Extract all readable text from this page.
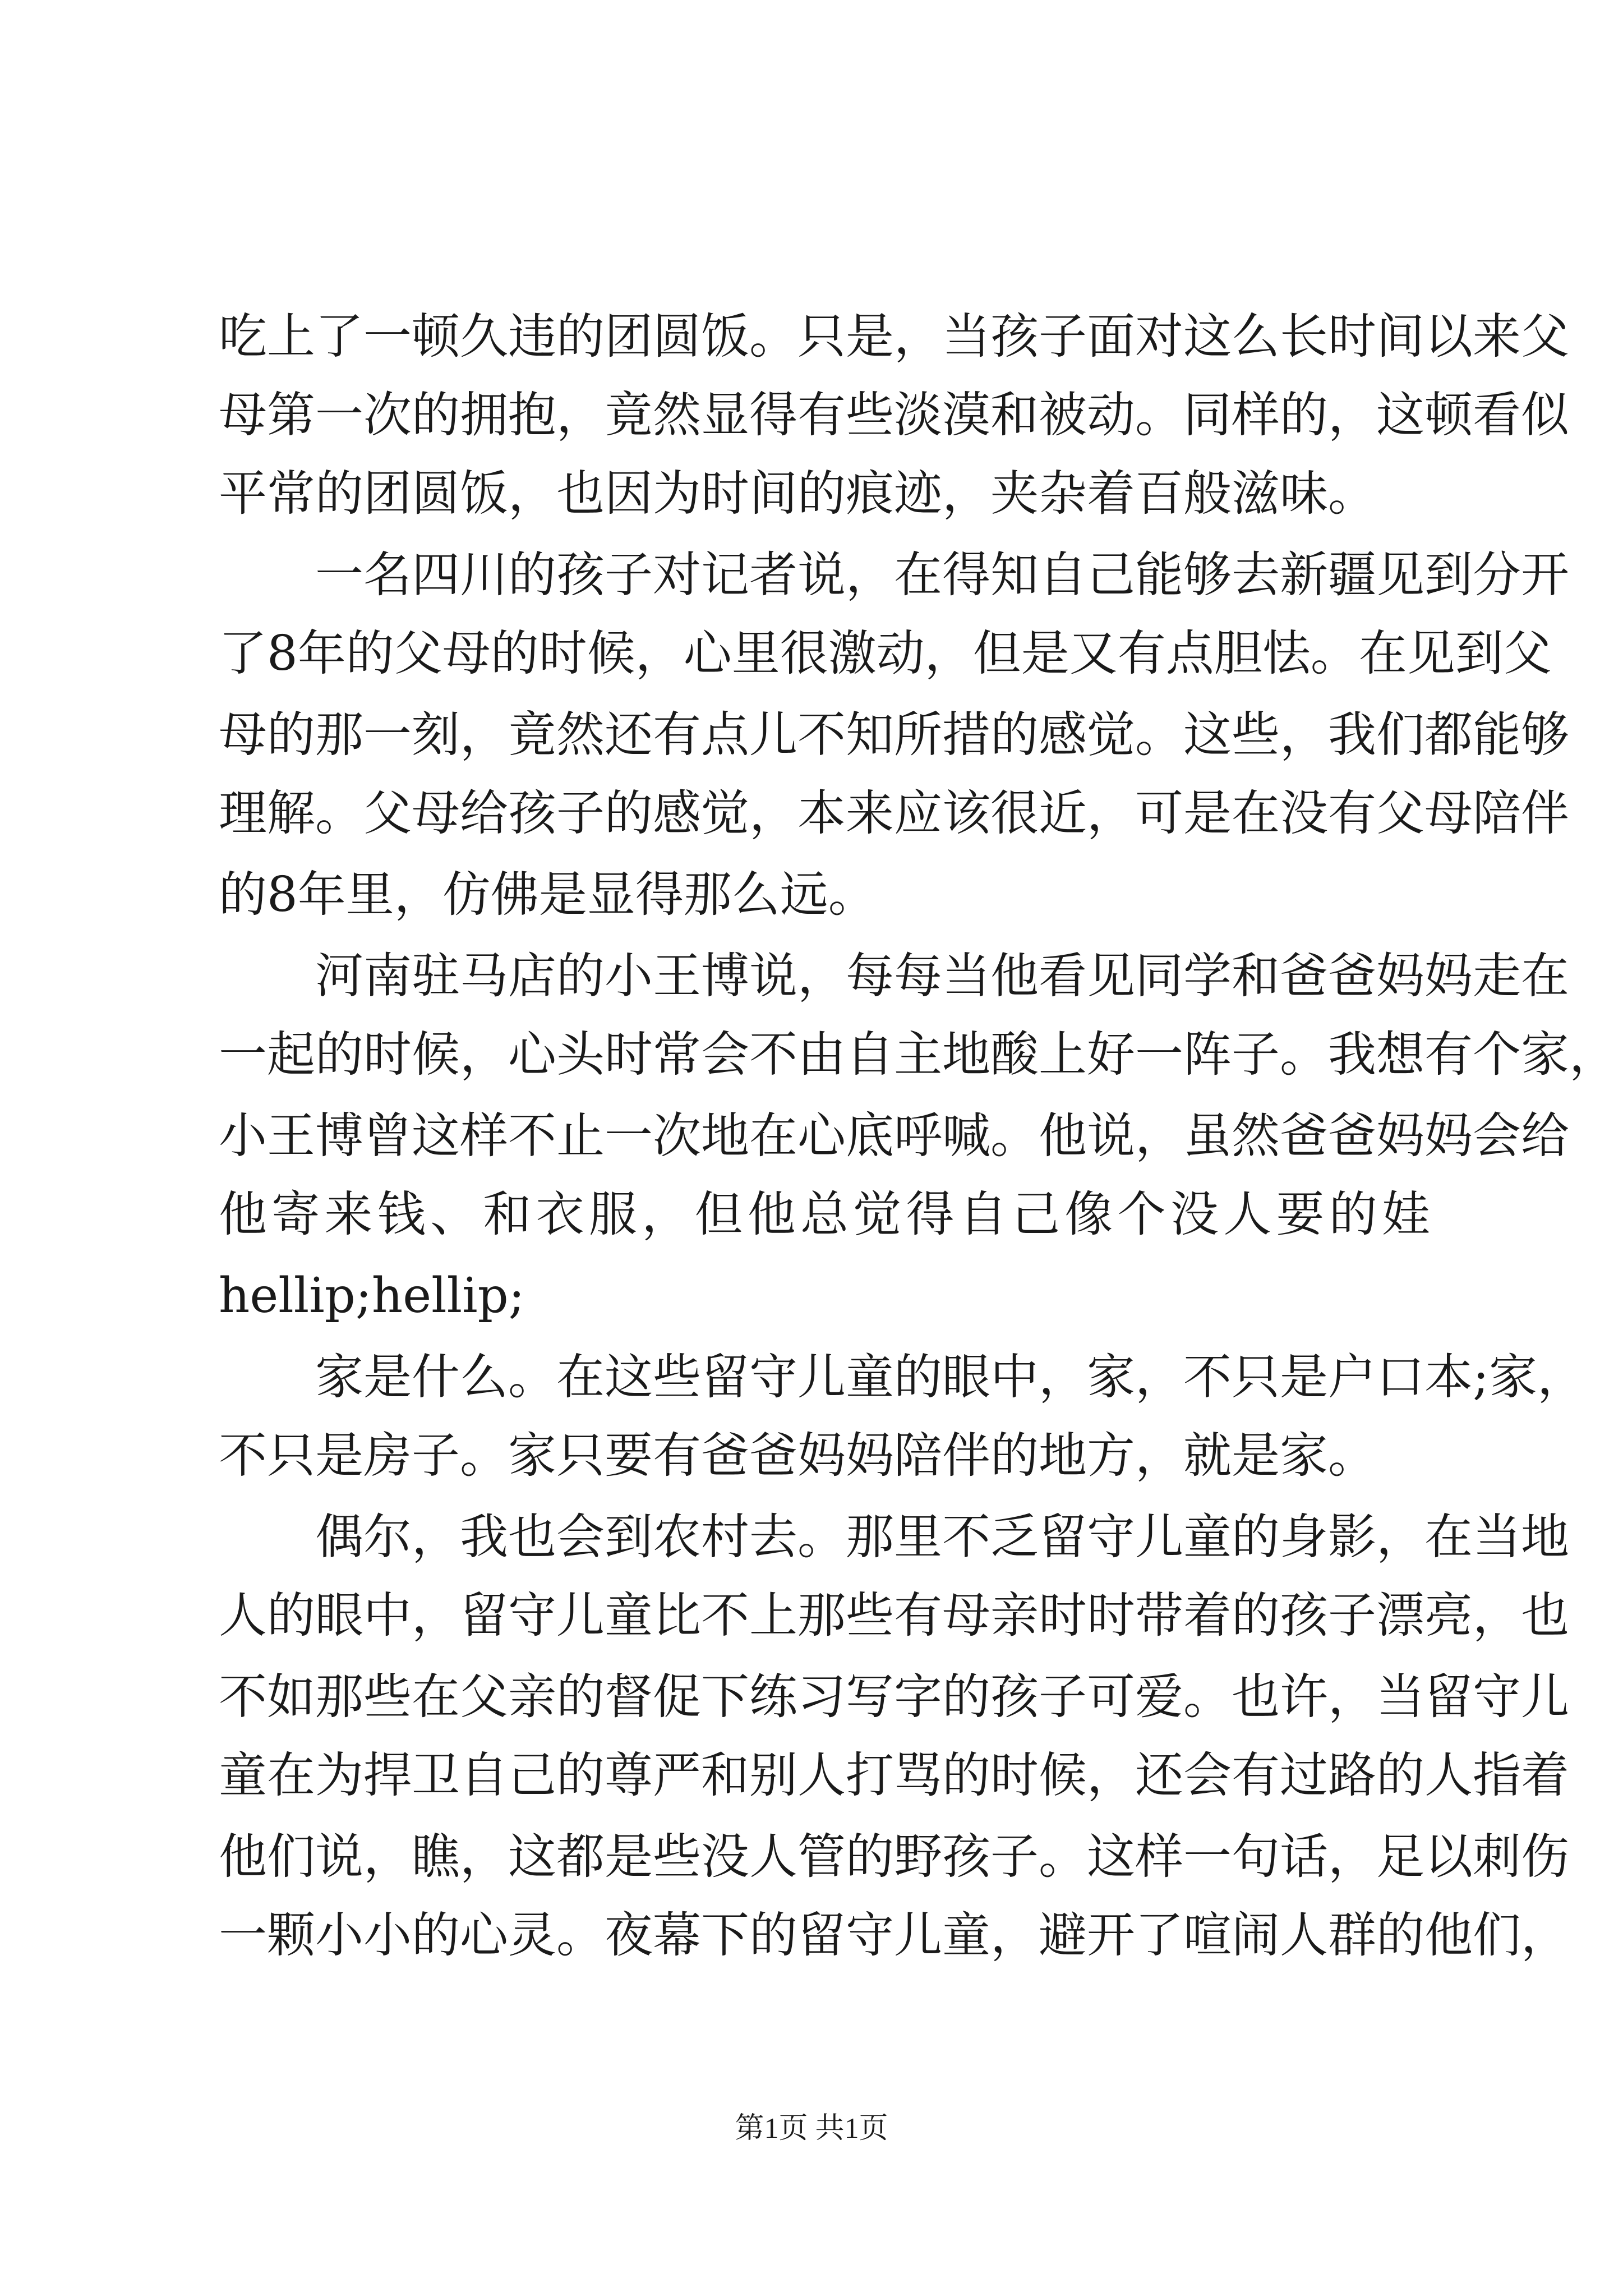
吃上了一顿久违的团圆饭。只是，当孩子面对这么长时间以来父
母第一次的拥抱，竟然显得有些淡漠和被动。同样的，这顿看似
平常的团圆饭，也因为时间的痕迹，夹杂着百般滋味。
　　一名四川的孩子对记者说，在得知自己能够去新疆见到分开
了8年的父母的时候，心里很激动，但是又有点胆怯。在见到父
母的那一刻，竟然还有点儿不知所措的感觉。这些，我们都能够
理解。父母给孩子的感觉，本来应该很近，可是在没有父母陪伴
的8年里，仿佛是显得那么远。
　　河南驻马店的小王博说，每每当他看见同学和爸爸妈妈走在
一起的时候，心头时常会不由自主地酸上好一阵子。我想有个家，
小王博曾这样不止一次地在心底呼喊。他说，虽然爸爸妈妈会给
他寄来钱、和衣服，但他总觉得自己像个没人要的娃
hellip;hellip;
　　家是什么。在这些留守儿童的眼中，家，不只是户口本;家，
不只是房子。家只要有爸爸妈妈陪伴的地方，就是家。
　　偶尔，我也会到农村去。那里不乏留守儿童的身影，在当地
人的眼中，留守儿童比不上那些有母亲时时带着的孩子漂亮，也
不如那些在父亲的督促下练习写字的孩子可爱。也许，当留守儿
童在为捍卫自己的尊严和别人打骂的时候，还会有过路的人指着
他们说，瞧，这都是些没人管的野孩子。这样一句话，足以刺伤
一颗小小的心灵。夜幕下的留守儿童，避开了喧闹人群的他们，
第1页 共1页
